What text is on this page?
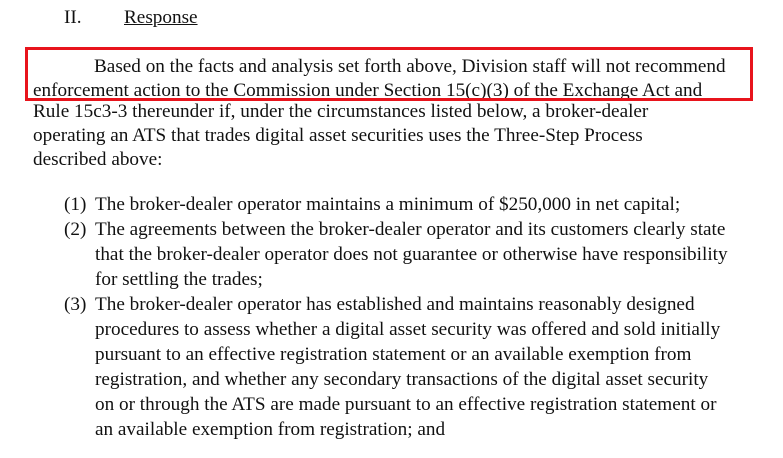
II. Response
Based on the facts and analysis set forth above, Division staff will not recommend
enforcement action to the Commission under Section 15(c)(3) of the Exchange Act and
Rule 15c3-3 thereunder if, under the circumstances listed below, a broker-dealer
operating an ATS that trades digital asset securities uses the Three-Step Process
described above:
(1) The broker-dealer operator maintains a minimum of $250,000 in net capital;
(2) The agreements between the broker-dealer operator and its customers clearly state
that the broker-dealer operator does not guarantee or otherwise have responsibility
for settling the trades;
(3) The broker-dealer operator has established and maintains reasonably designed
procedures to assess whether a digital asset security was offered and sold initially
pursuant to an effective registration statement or an available exemption from
registration, and whether any secondary transactions of the digital asset security
on or through the ATS are made pursuant to an effective registration statement or
an available exemption from registration; and
